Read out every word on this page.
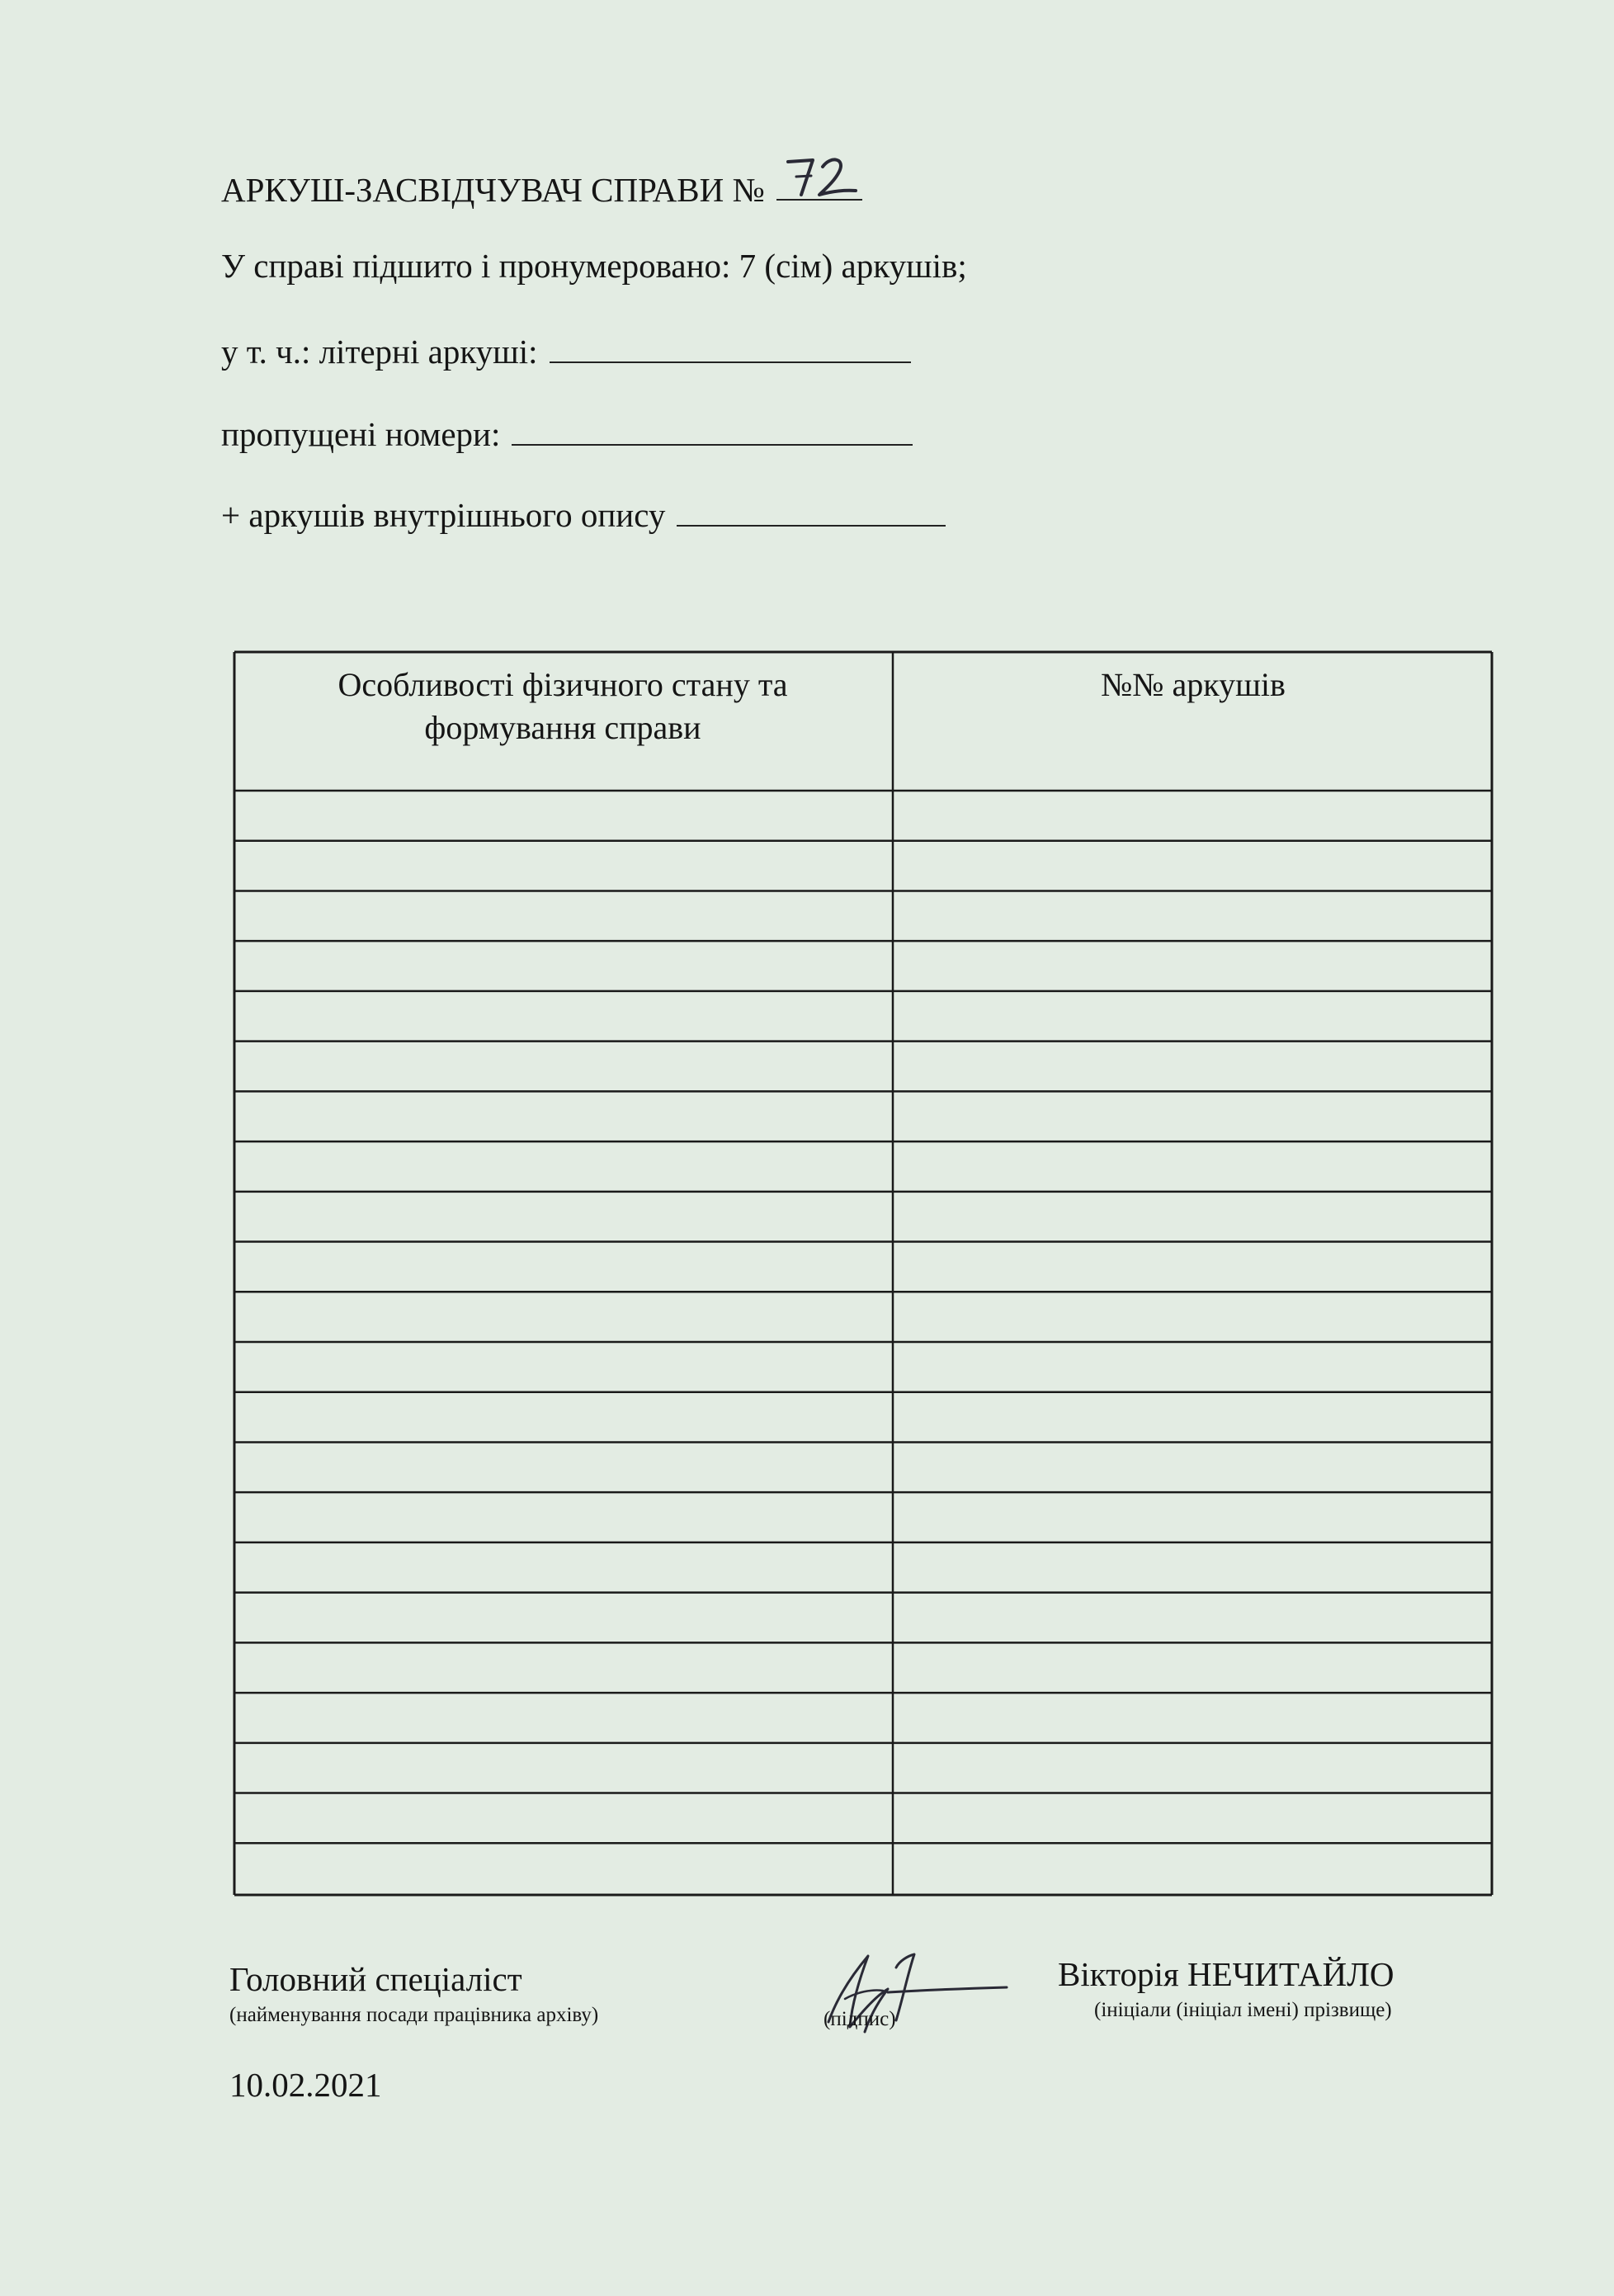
АРКУШ-ЗАСВІДЧУВАЧ СПРАВИ №
У справі підшито і пронумеровано: 7 (сім) аркушів;
у т. ч.: літерні аркуші:
пропущені номери:
+ аркушів внутрішнього опису
Особливості фізичного стану та
формування справи
№№ аркушів
Головний спеціаліст
(найменування посади працівника архіву)	(підпис)
Вікторія НЕЧИТАЙЛО
(ініціали (ініціал імені) прізвище)
10.02.2021
